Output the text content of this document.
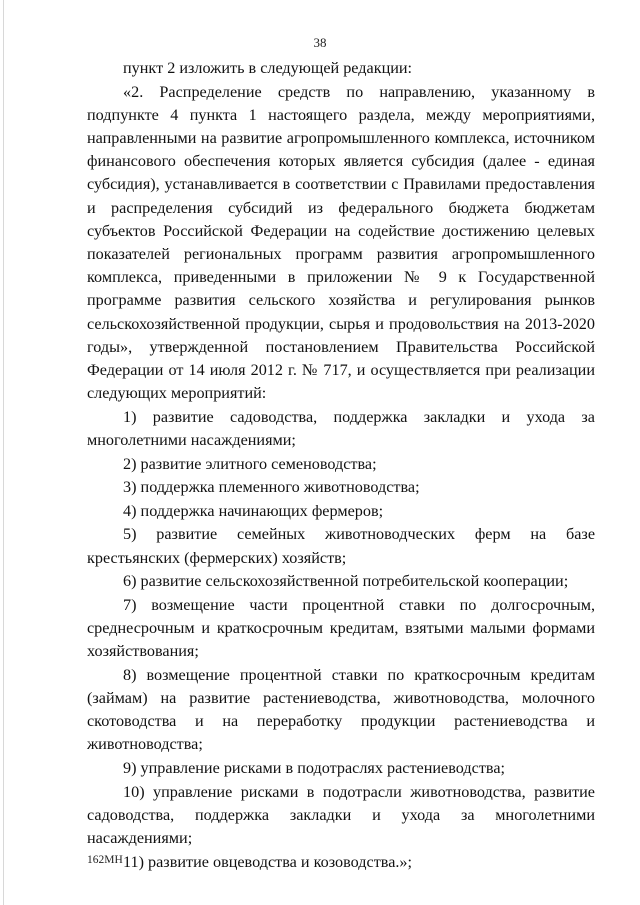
38

пункт 2 изложить в следующей редакции:

«2. Распределение средств по направлению, указанному в подпункте 4 пункта 1 настоящего раздела, между мероприятиями, направленными на развитие агропромышленного комплекса, источником финансового обеспечения которых является субсидия (далее - единая субсидия), устанавливается в соответствии с Правилами предоставления и распределения субсидий из федерального бюджета бюджетам субъектов Российской Федерации на содействие достижению целевых показателей региональных программ развития агропромышленного комплекса, приведенными в приложении № 9 к Государственной программе развития сельского хозяйства и регулирования рынков сельскохозяйственной продукции, сырья и продовольствия на 2013-2020 годы», утвержденной постановлением Правительства Российской Федерации от 14 июля 2012 г. № 717, и осуществляется при реализации следующих мероприятий:

1) развитие садоводства, поддержка закладки и ухода за многолетними насаждениями;

2) развитие элитного семеноводства;

3) поддержка племенного животноводства;

4) поддержка начинающих фермеров;

5) развитие семейных животноводческих ферм на базе крестьянских (фермерских) хозяйств;

6) развитие сельскохозяйственной потребительской кооперации;

7) возмещение части процентной ставки по долгосрочным, среднесрочным и краткосрочным кредитам, взятыми малыми формами хозяйствования;

8) возмещение процентной ставки по краткосрочным кредитам (займам) на развитие растениеводства, животноводства, молочного скотоводства и на переработку продукции растениеводства и животноводства;

9) управление рисками в подотраслях растениеводства;

10) управление рисками в подотрасли животноводства, развитие садоводства, поддержка закладки и ухода за многолетними насаждениями;

11) развитие овцеводства и козоводства.»;

162МН
